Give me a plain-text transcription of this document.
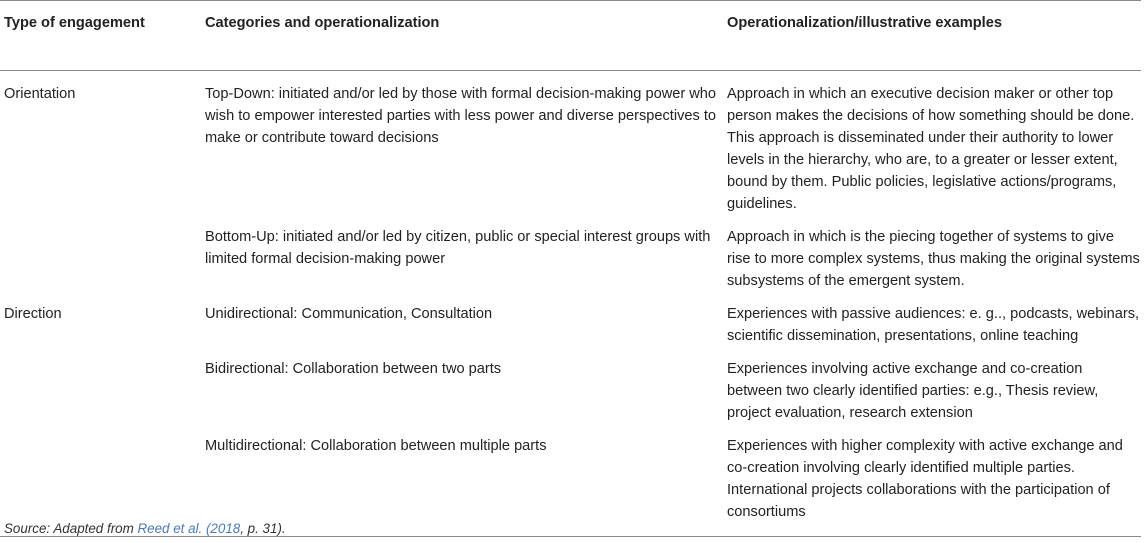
Type of engagement	Categories and operationalization	Operationalization/illustrative examples
Orientation	Top-Down: initiated and/or led by those with formal decision-making power who wish to empower interested parties with less power and diverse perspectives to make or contribute toward decisions	Approach in which an executive decision maker or other top person makes the decisions of how something should be done. This approach is disseminated under their authority to lower levels in the hierarchy, who are, to a greater or lesser extent, bound by them. Public policies, legislative actions/programs, guidelines.
	Bottom-Up: initiated and/or led by citizen, public or special interest groups with limited formal decision-making power	Approach in which is the piecing together of systems to give rise to more complex systems, thus making the original systems subsystems of the emergent system.
Direction	Unidirectional: Communication, Consultation	Experiences with passive audiences: e. g.., podcasts, webinars, scientific dissemination, presentations, online teaching
	Bidirectional: Collaboration between two parts	Experiences involving active exchange and co-creation between two clearly identified parties: e.g., Thesis review, project evaluation, research extension
	Multidirectional: Collaboration between multiple parts	Experiences with higher complexity with active exchange and co-creation involving clearly identified multiple parties. International projects collaborations with the participation of consortiums
Source: Adapted from Reed et al. (2018, p. 31).
